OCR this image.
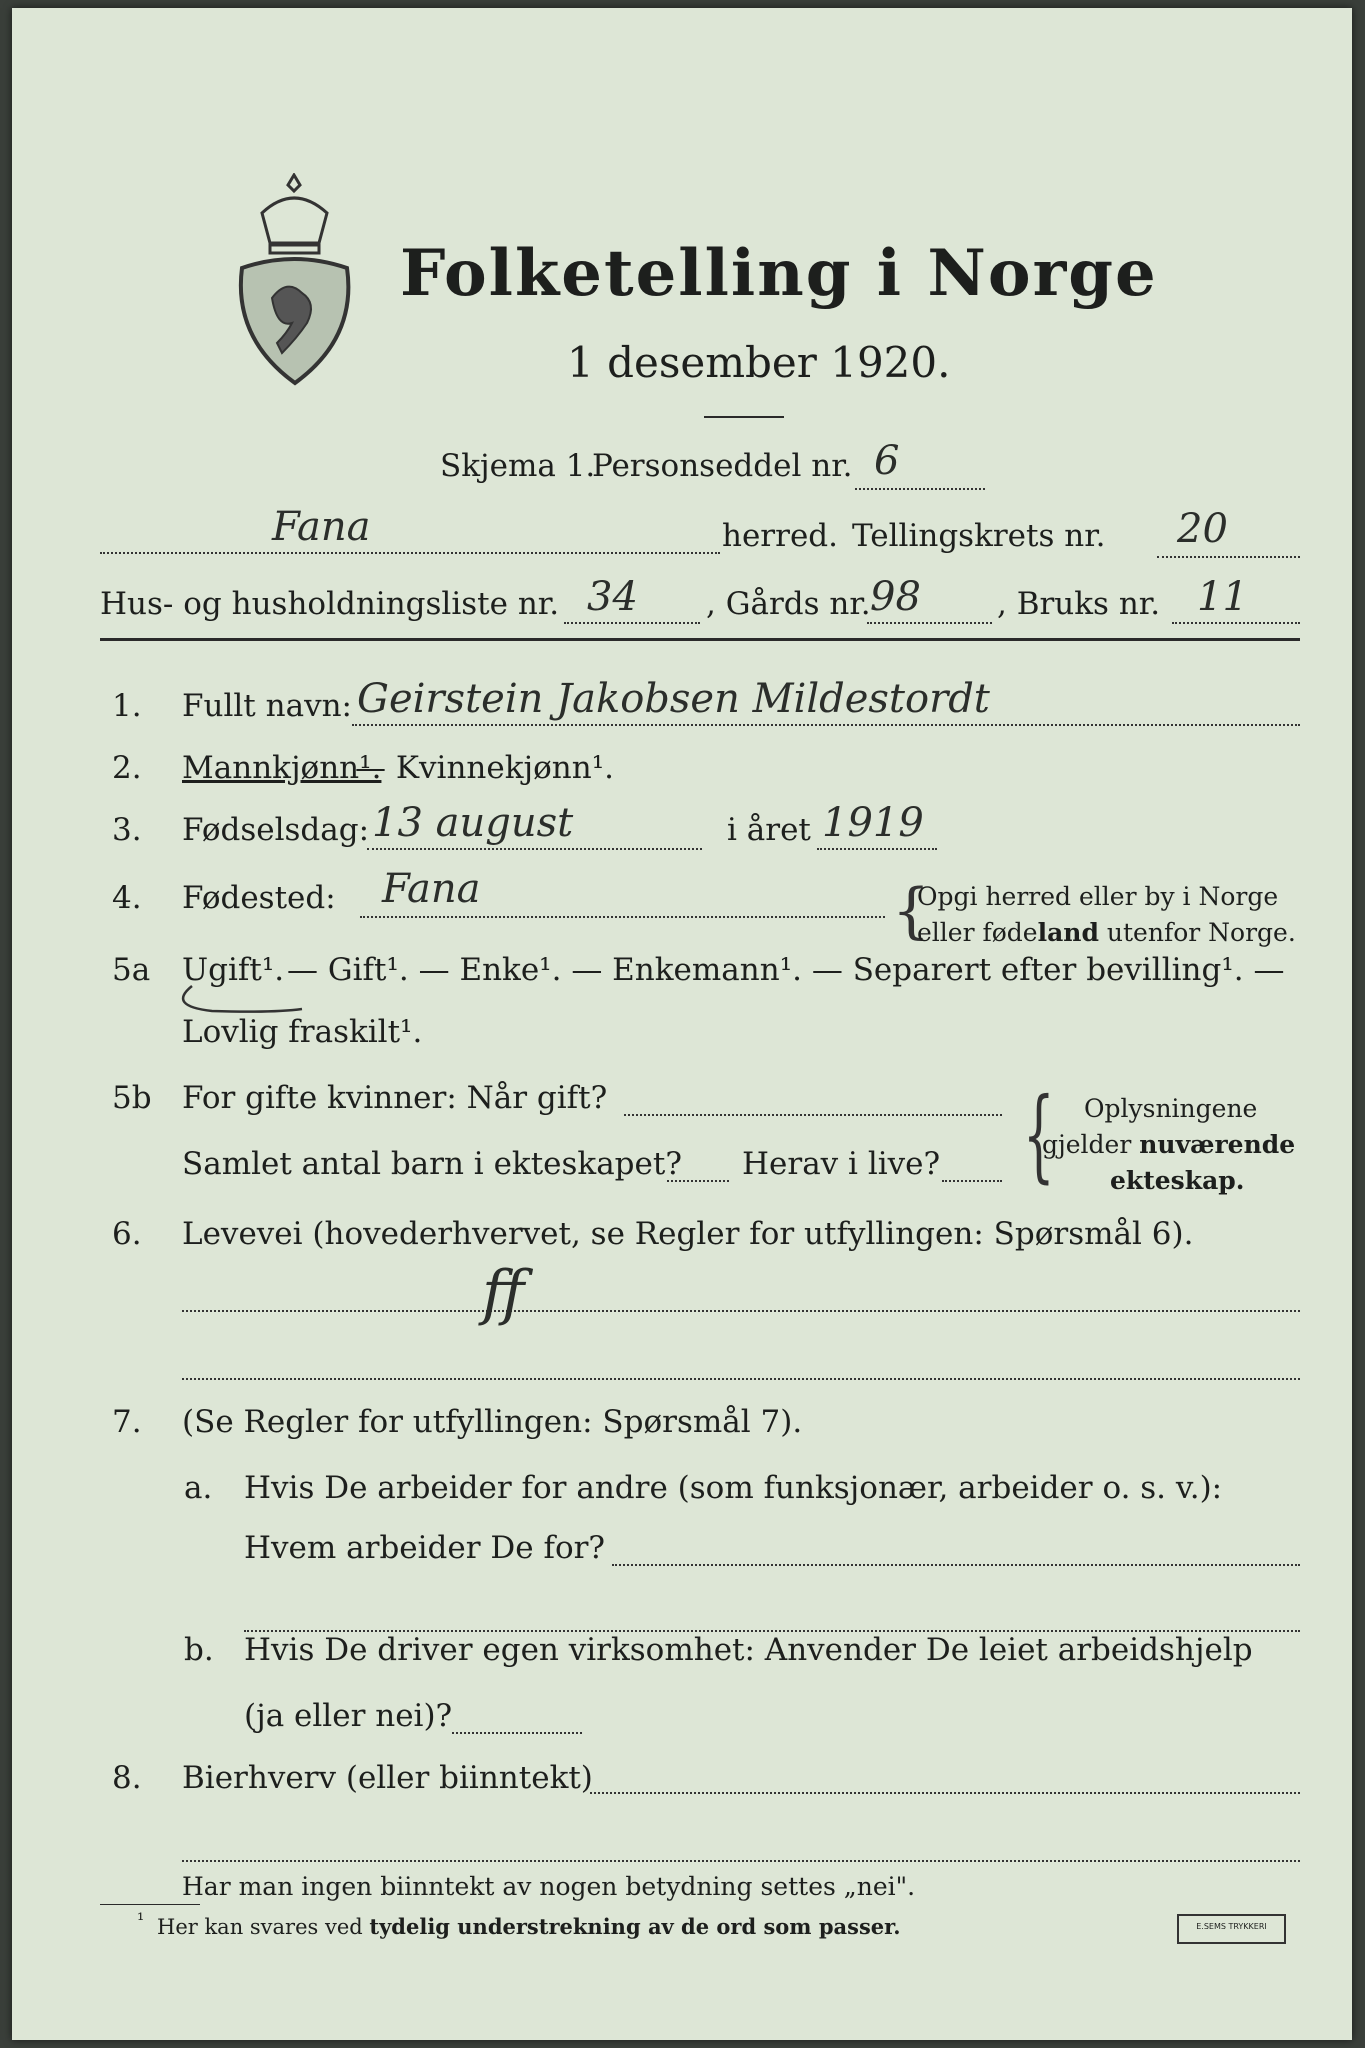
Folketelling i Norge
1 desember 1920.
Skjema 1.
Personseddel nr. 6
Fana	herred. Tellingskrets nr. 20
Hus- og husholdningsliste nr. 34 , Gårds nr. 98 , Bruks nr. 11
1. Fullt navn: Geirstein Jakobsen Mildestordt
2. Mannkjønn¹.
— Kvinnekjønn¹.
3. Fødselsdag: 13 august	i året 1919
4. Fødested: Fana	{
Opgi herred eller by i Norge
eller fødeland utenfor Norge.
5a Ugift¹. — Gift¹. — Enke¹. — Enkemann¹. — Separert efter bevilling¹. —
Lovlig fraskilt¹.
5b For gifte kvinner: Når gift?
Samlet antal barn i ekteskapet? Herav i live? { Oplysningene
gjelder nuværende
ekteskap.
6. Levevei (hovederhvervet, se Regler for utfyllingen: Spørsmål 6).
ff
7. (Se Regler for utfyllingen: Spørsmål 7).
a. Hvis De arbeider for andre (som funksjonær, arbeider o. s. v.):
Hvem arbeider De for?
b. Hvis De driver egen virksomhet: Anvender De leiet arbeidshjelp
(ja eller nei)?
8. Bierhverv (eller biinntekt)
Har man ingen biinntekt av nogen betydning settes „nei".
¹ Her kan svares ved tydelig understrekning av de ord som passer.	E.SEMS TRYKKERI
